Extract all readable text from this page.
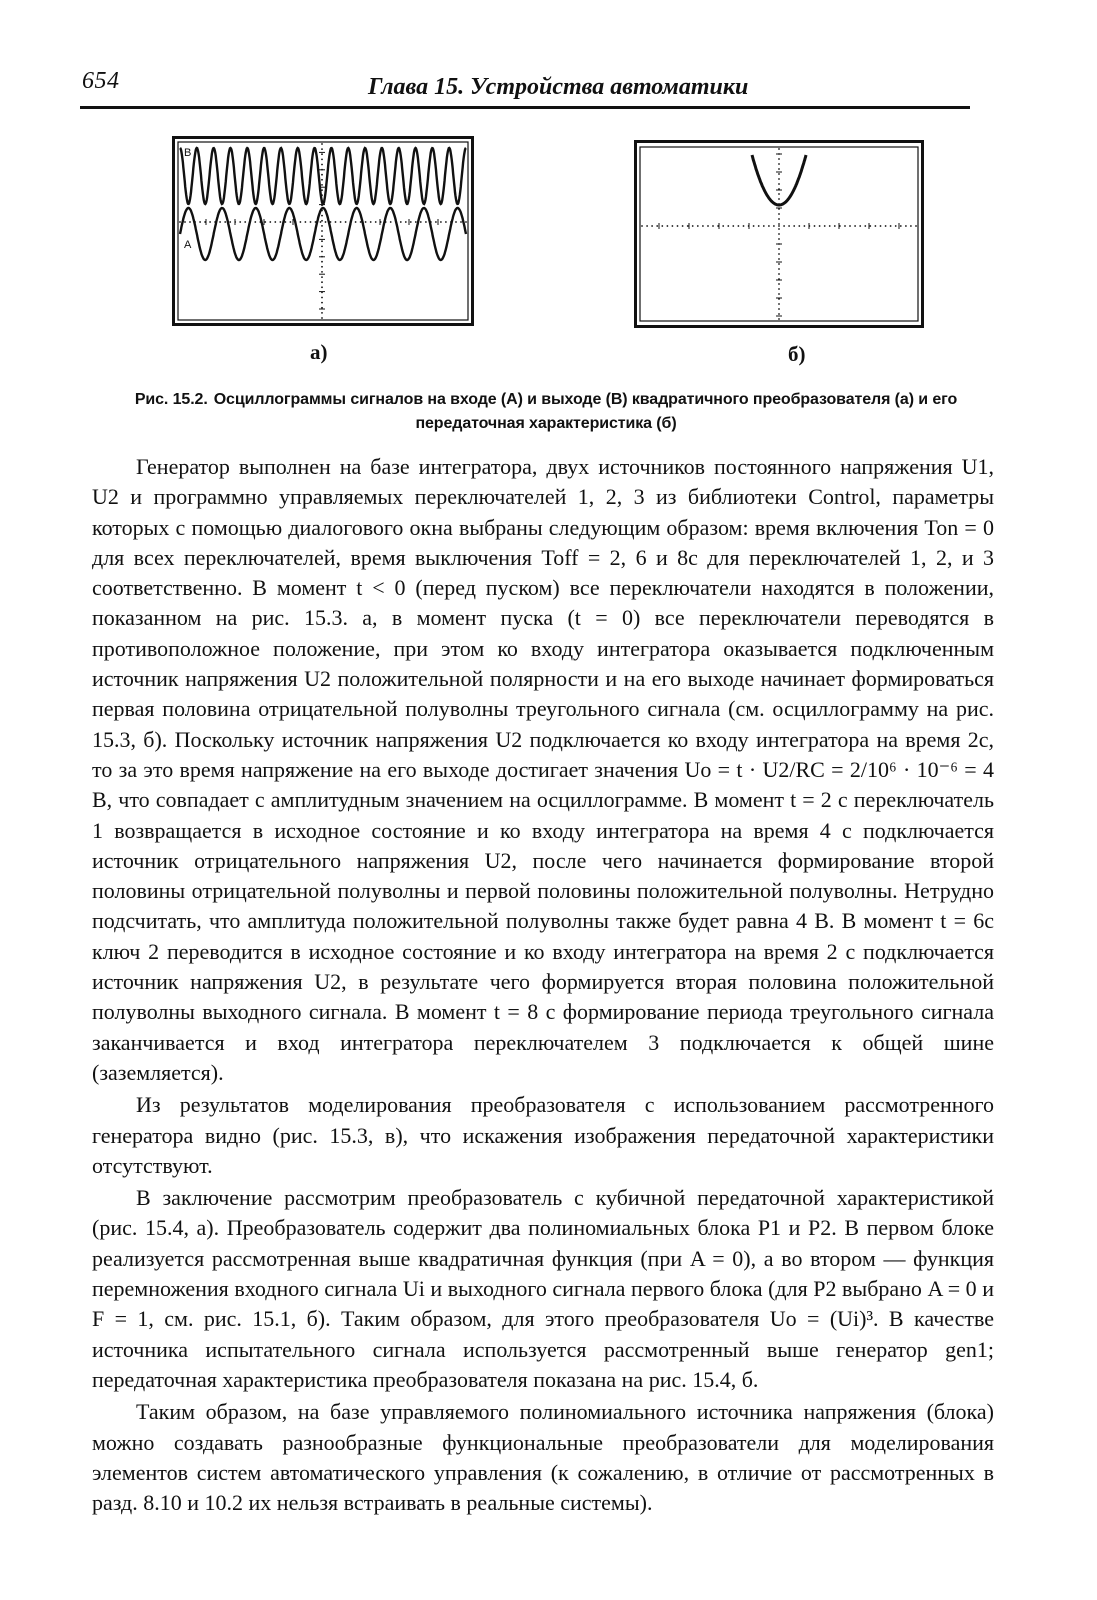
654	Глава 15. Устройства автоматики
B
A
а)	б)
Рис. 15.2. Осциллограммы сигналов на входе (А) и выходе (В) квадратичного преобразователя (а) и его передаточная характеристика (б)

Генератор выполнен на базе интегратора, двух источников постоянного напряжения U1, U2 и программно управляемых переключателей 1, 2, 3 из библиотеки Control, параметры которых с помощью диалогового окна выбраны следующим образом: время включения Ton = 0 для всех переключателей, время выключения Toff = 2, 6 и 8с для переключателей 1, 2, и 3 соответственно. В момент t < 0 (перед пуском) все переключатели находятся в положении, показанном на рис. 15.3. а, в момент пуска (t = 0) все переключатели переводятся в противоположное положение, при этом ко входу интегратора оказывается подключенным источник напряжения U2 положительной полярности и на его выходе начинает формироваться первая половина отрицательной полуволны треугольного сигнала (см. осциллограмму на рис. 15.3, б). Поскольку источник напряжения U2 подключается ко входу интегратора на время 2с, то за это время напряжение на его выходе достигает значения Uo = t · U2/RC = 2/10⁶ · 10⁻⁶ = 4 В, что совпадает с амплитудным значением на осциллограмме. В момент t = 2 с переключатель 1 возвращается в исходное состояние и ко входу интегратора на время 4 с подключается источник отрицательного напряжения U2, после чего начинается формирование второй половины отрицательной полуволны и первой половины положительной полуволны. Нетрудно подсчитать, что амплитуда положительной полуволны также будет равна 4 В. В момент t = 6с ключ 2 переводится в исходное состояние и ко входу интегратора на время 2 с подключается источник напряжения U2, в результате чего формируется вторая половина положительной полуволны выходного сигнала. В момент t = 8 с формирование периода треугольного сигнала заканчивается и вход интегратора переключателем 3 подключается к общей шине (заземляется).

Из результатов моделирования преобразователя с использованием рассмотренного генератора видно (рис. 15.3, в), что искажения изображения передаточной характеристики отсутствуют.

В заключение рассмотрим преобразователь с кубичной передаточной характеристикой (рис. 15.4, а). Преобразователь содержит два полиномиальных блока P1 и P2. В первом блоке реализуется рассмотренная выше квадратичная функция (при A = 0), а во втором — функция перемножения входного сигнала Ui и выходного сигнала первого блока (для P2 выбрано A = 0 и F = 1, см. рис. 15.1, б). Таким образом, для этого преобразователя Uo = (Ui)³. В качестве источника испытательного сигнала используется рассмотренный выше генератор gen1; передаточная характеристика преобразователя показана на рис. 15.4, б.

Таким образом, на базе управляемого полиномиального источника напряжения (блока) можно создавать разнообразные функциональные преобразователи для моделирования элементов систем автоматического управления (к сожалению, в отличие от рассмотренных в разд. 8.10 и 10.2 их нельзя встраивать в реальные системы).
